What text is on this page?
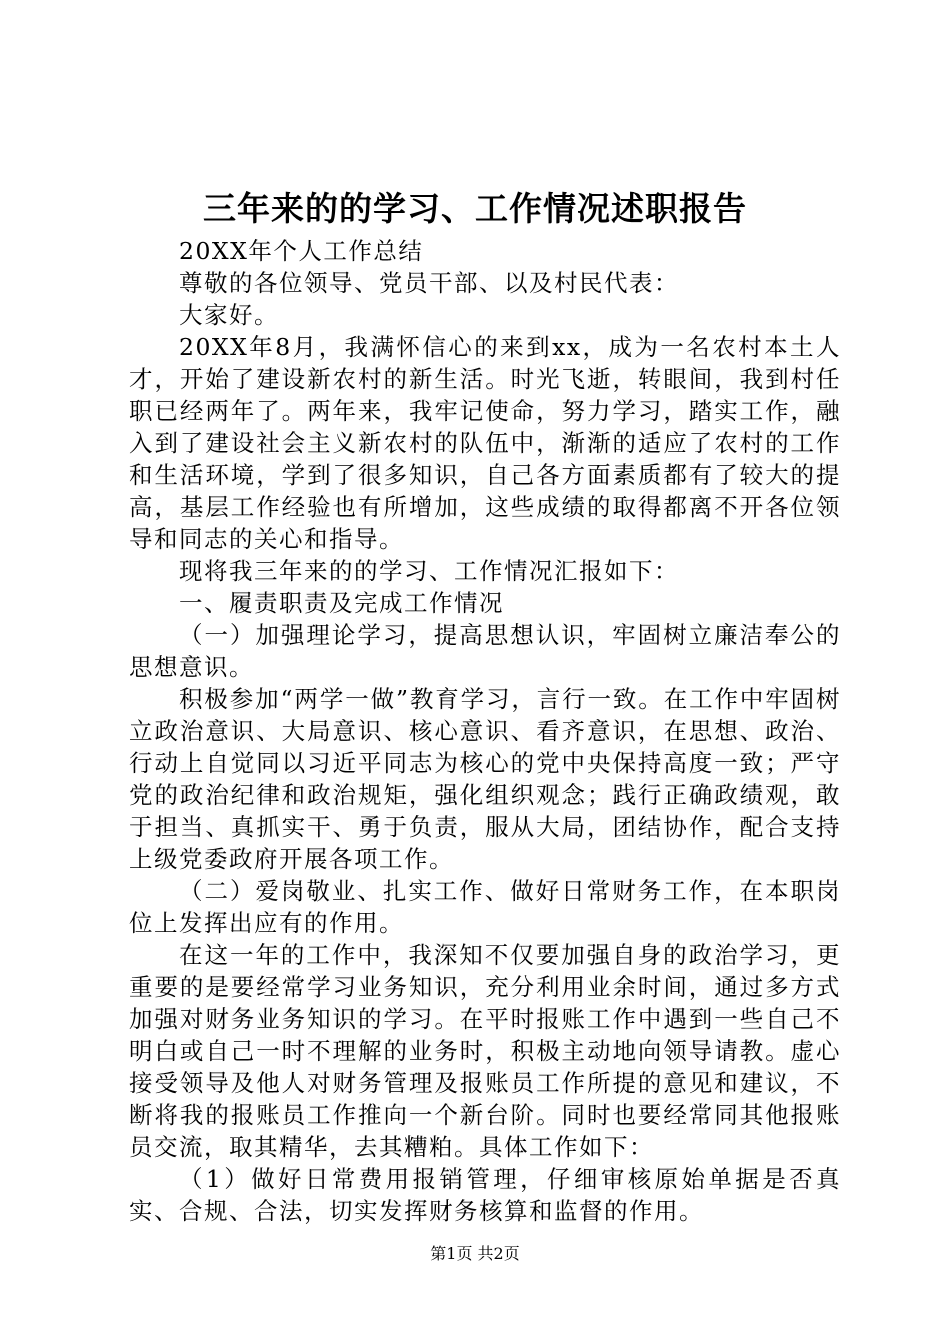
三年来的的学习、工作情况述职报告

20XX年个人工作总结

尊敬的各位领导、党员干部、以及村民代表：

大家好。

20XX年8月，我满怀信心的来到xx，成为一名农村本土人才，开始了建设新农村的新生活。时光飞逝，转眼间，我到村任职已经两年了。两年来，我牢记使命，努力学习，踏实工作，融入到了建设社会主义新农村的队伍中，渐渐的适应了农村的工作和生活环境，学到了很多知识，自己各方面素质都有了较大的提高，基层工作经验也有所增加，这些成绩的取得都离不开各位领导和同志的关心和指导。

现将我三年来的的学习、工作情况汇报如下：

一、履责职责及完成工作情况

（一）加强理论学习，提高思想认识，牢固树立廉洁奉公的思想意识。

积极参加“两学一做”教育学习，言行一致。在工作中牢固树立政治意识、大局意识、核心意识、看齐意识，在思想、政治、行动上自觉同以习近平同志为核心的党中央保持高度一致；严守党的政治纪律和政治规矩，强化组织观念；践行正确政绩观，敢于担当、真抓实干、勇于负责，服从大局，团结协作，配合支持上级党委政府开展各项工作。

（二）爱岗敬业、扎实工作、做好日常财务工作，在本职岗位上发挥出应有的作用。

在这一年的工作中，我深知不仅要加强自身的政治学习，更重要的是要经常学习业务知识，充分利用业余时间，通过多方式加强对财务业务知识的学习。在平时报账工作中遇到一些自己不明白或自己一时不理解的业务时，积极主动地向领导请教。虚心接受领导及他人对财务管理及报账员工作所提的意见和建议，不断将我的报账员工作推向一个新台阶。同时也要经常同其他报账员交流，取其精华，去其糟粕。具体工作如下：

（1）做好日常费用报销管理，仔细审核原始单据是否真实、合规、合法，切实发挥财务核算和监督的作用。

第1页 共2页
